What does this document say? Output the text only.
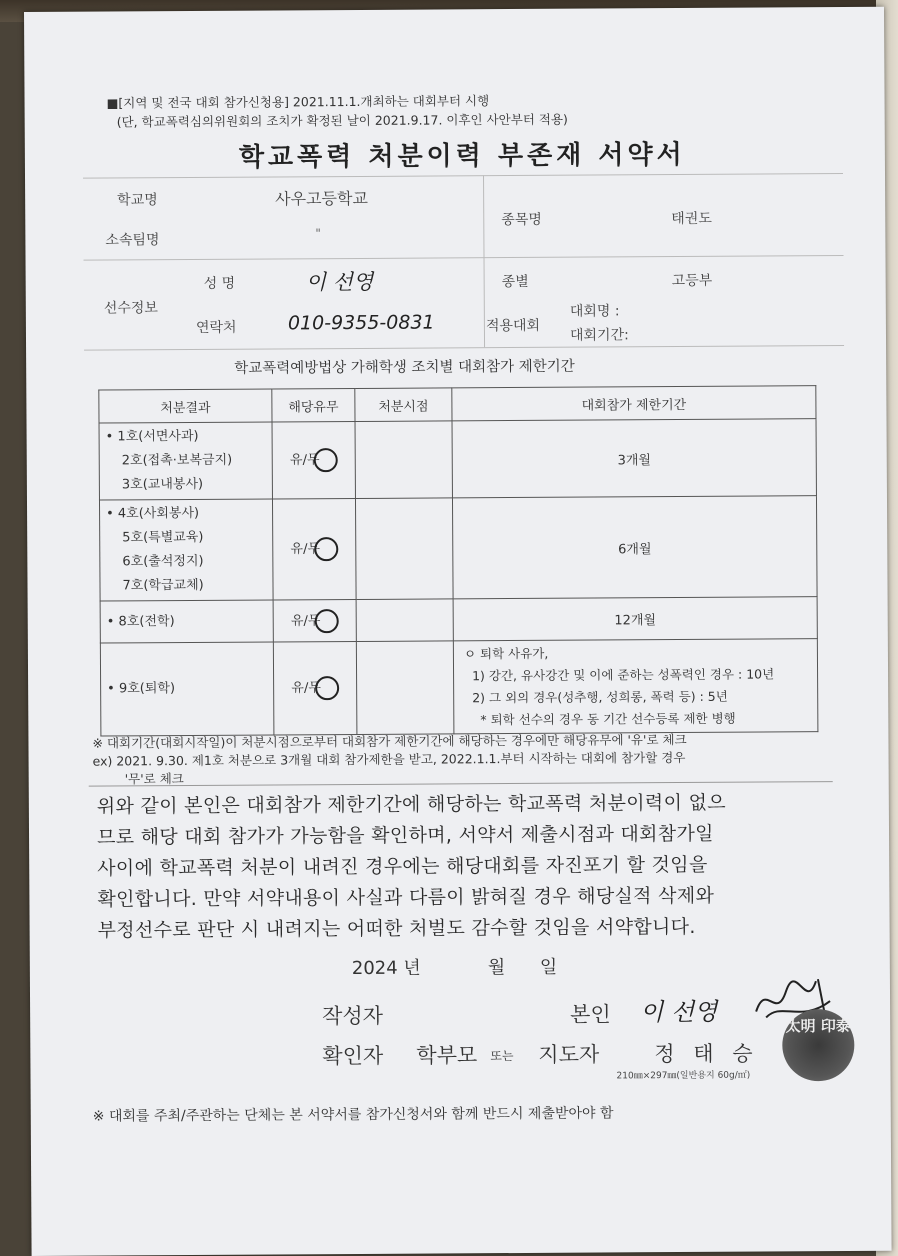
■[지역 및 전국 대회 참가신청용] 2021.11.1.개최하는 대회부터 시행
(단, 학교폭력심의위원회의 조치가 확정된 날이 2021.9.17. 이후인 사안부터 적용)
학교폭력 처분이력 부존재 서약서
학교명	사우고등학교
소속팀명	"
종목명	태권도
선수정보
성 명	이 선영
연락처	010-9355-0831
종별	고등부
적용대회
대회명 :
대회기간:
학교폭력예방법상 가해학생 조치별 대회참가 제한기간
처분결과	해당유무	처분시점	대회참가 제한기간

• 1호(서면사과)
2호(접촉·보복금지)
3호(교내봉사)	유/무		3개월

• 4호(사회봉사)
5호(특별교육)
6호(출석정지)
7호(학급교체)	유/무		6개월

• 8호(전학)	유/무		12개월

• 9호(퇴학)	유/무		ㅇ 퇴학 사유가,
1) 강간, 유사강간 및 이에 준하는 성폭력인 경우 : 10년
2) 그 외의 경우(성추행, 성희롱, 폭력 등) : 5년
* 퇴학 선수의 경우 동 기간 선수등록 제한 병행
※ 대회기간(대회시작일)이 처분시점으로부터 대회참가 제한기간에 해당하는 경우에만 해당유무에 '유'로 체크
ex) 2021. 9.30. 제1호 처분으로 3개월 대회 참가제한을 받고, 2022.1.1.부터 시작하는 대회에 참가할 경우
'무'로 체크
위와 같이 본인은 대회참가 제한기간에 해당하는 학교폭력 처분이력이 없으
므로 해당 대회 참가가 가능함을 확인하며, 서약서 제출시점과 대회참가일
사이에 학교폭력 처분이 내려진 경우에는 해당대회를 자진포기 할 것임을
확인합니다. 만약 서약내용이 사실과 다름이 밝혀질 경우 해당실적 삭제와
부정선수로 판단 시 내려지는 어떠한 처벌도 감수할 것임을 서약합니다.
2024 년	월 일
작성자	본인 이 선영
확인자 학부모 또는 지도자	정 태 승
太明 印泰
210㎜×297㎜(일반용지 60g/㎡)
※ 대회를 주최/주관하는 단체는 본 서약서를 참가신청서와 함께 반드시 제출받아야 함
